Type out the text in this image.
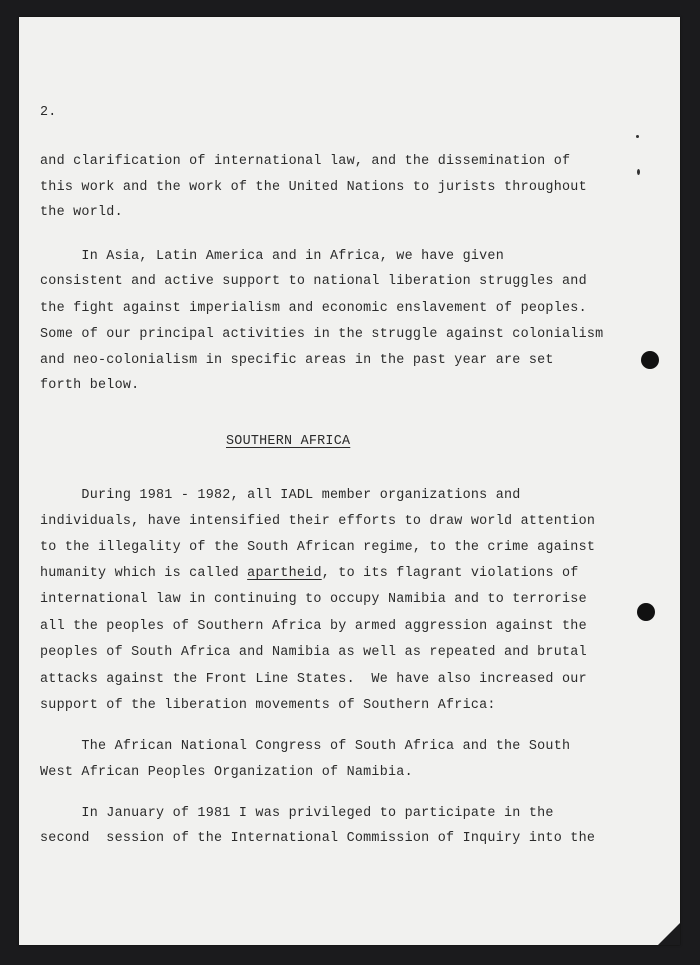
2.
and clarification of international law, and the dissemination of
this work and the work of the United Nations to jurists throughout
the world.
In Asia, Latin America and in Africa, we have given
consistent and active support to national liberation struggles and
the fight against imperialism and economic enslavement of peoples.
Some of our principal activities in the struggle against colonialism
and neo-colonialism in specific areas in the past year are set
forth below.
SOUTHERN AFRICA
During 1981 - 1982, all IADL member organizations and
individuals, have intensified their efforts to draw world attention
to the illegality of the South African regime, to the crime against
humanity which is called apartheid, to its flagrant violations of
international law in continuing to occupy Namibia and to terrorise
all the peoples of Southern Africa by armed aggression against the
peoples of South Africa and Namibia as well as repeated and brutal
attacks against the Front Line States.  We have also increased our
support of the liberation movements of Southern Africa:
The African National Congress of South Africa and the South
West African Peoples Organization of Namibia.
In January of 1981 I was privileged to participate in the
second  session of the International Commission of Inquiry into the
